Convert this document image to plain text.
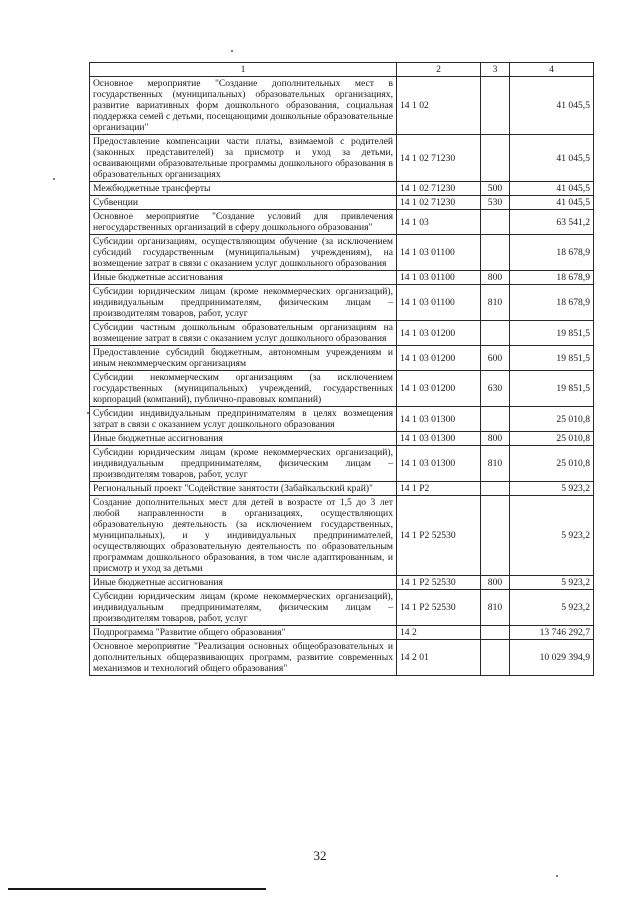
1	2	3	4
Основное мероприятие "Создание дополнительных мест в государственных (муниципальных) образовательных организациях, развитие вариативных форм дошкольного образования, социальная поддержка семей с детьми, посещающими дошкольные образовательные организации"	14 1 02		41 045,5
Предоставление компенсации части платы, взимаемой с родителей (законных представителей) за присмотр и уход за детьми, осваивающими образовательные программы дошкольного образования в образовательных организациях	14 1 02 71230		41 045,5
Межбюджетные трансферты	14 1 02 71230	500	41 045,5
Субвенции	14 1 02 71230	530	41 045,5
Основное мероприятие "Создание условий для привлечения негосударственных организаций в сферу дошкольного образования"	14 1 03		63 541,2
Субсидии организациям, осуществляющим обучение (за исключением субсидий государственным (муниципальным) учреждениям), на возмещение затрат в связи с оказанием услуг дошкольного образования	14 1 03 01100		18 678,9
Иные бюджетные ассигнования	14 1 03 01100	800	18 678,9
Субсидии юридическим лицам (кроме некоммерческих организаций), индивидуальным предпринимателям, физическим лицам – производителям товаров, работ, услуг	14 1 03 01100	810	18 678,9
Субсидии частным дошкольным образовательным организациям на возмещение затрат в связи с оказанием услуг дошкольного образования	14 1 03 01200		19 851,5
Предоставление субсидий бюджетным, автономным учреждениям и иным некоммерческим организациям	14 1 03 01200	600	19 851,5
Субсидии некоммерческим организациям (за исключением государственных (муниципальных) учреждений, государственных корпораций (компаний), публично-правовых компаний)	14 1 03 01200	630	19 851,5
Субсидии индивидуальным предпринимателям в целях возмещения затрат в связи с оказанием услуг дошкольного образования	14 1 03 01300		25 010,8
Иные бюджетные ассигнования	14 1 03 01300	800	25 010,8
Субсидии юридическим лицам (кроме некоммерческих организаций), индивидуальным предпринимателям, физическим лицам – производителям товаров, работ, услуг	14 1 03 01300	810	25 010,8
Региональный проект "Содействие занятости (Забайкальский край)"	14 1 P2		5 923,2
Создание дополнительных мест для детей в возрасте от 1,5 до 3 лет любой направленности в организациях, осуществляющих образовательную деятельность (за исключением государственных, муниципальных), и у индивидуальных предпринимателей, осуществляющих образовательную деятельность по образовательным программам дошкольного образования, в том числе адаптированным, и присмотр и уход за детьми	14 1 P2 52530		5 923,2
Иные бюджетные ассигнования	14 1 P2 52530	800	5 923,2
Субсидии юридическим лицам (кроме некоммерческих организаций), индивидуальным предпринимателям, физическим лицам – производителям товаров, работ, услуг	14 1 P2 52530	810	5 923,2
Подпрограмма "Развитие общего образования"	14 2		13 746 292,7
Основное мероприятие "Реализация основных общеобразовательных и дополнительных общеразвивающих программ, развитие современных механизмов и технологий общего образования"	14 2 01		10 029 394,9
32
